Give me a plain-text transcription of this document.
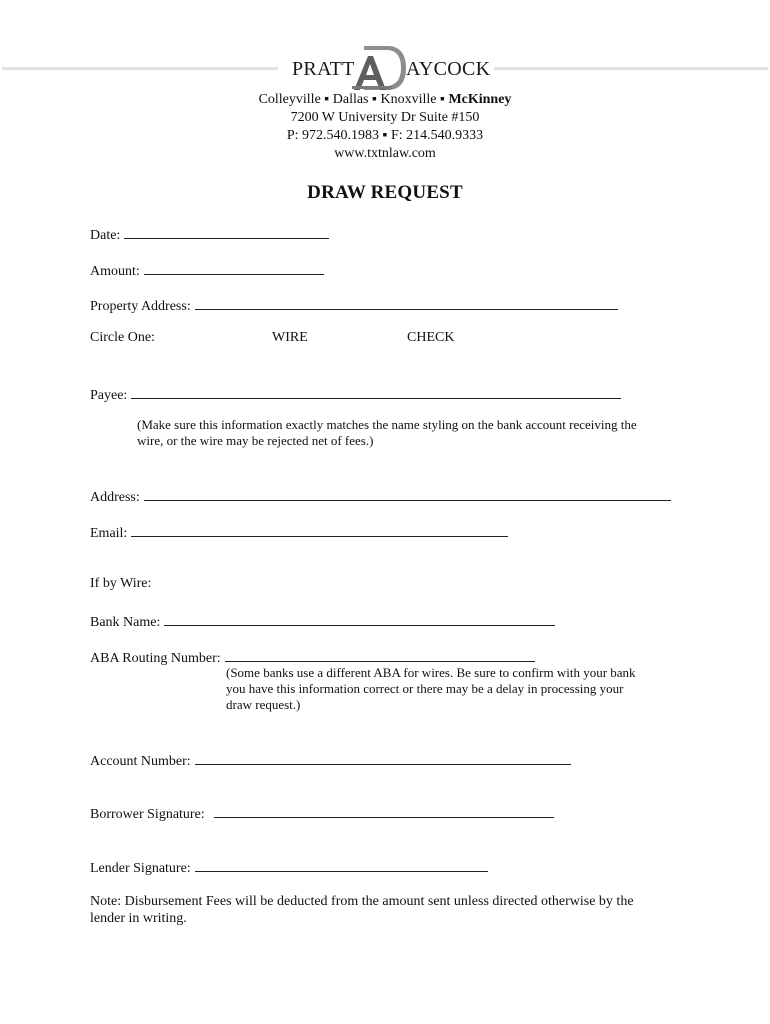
PRATT	AYCOCK
Colleyville ▪ Dallas ▪ Knoxville ▪ McKinney
7200 W University Dr Suite #150
P: 972.540.1983 ▪ F: 214.540.9333
www.txtnlaw.com
DRAW REQUEST
Date:
Amount:
Property Address:
Circle One:	WIRE	CHECK
Payee:
(Make sure this information exactly matches the name styling on the bank account receiving the
wire, or the wire may be rejected net of fees.)
Address:
Email:
If by Wire:
Bank Name:
ABA Routing Number:
(Some banks use a different ABA for wires. Be sure to confirm with your bank
you have this information correct or there may be a delay in processing your
draw request.)
Account Number:
Borrower Signature:
Lender Signature:
Note: Disbursement Fees will be deducted from the amount sent unless directed otherwise by the
lender in writing.
